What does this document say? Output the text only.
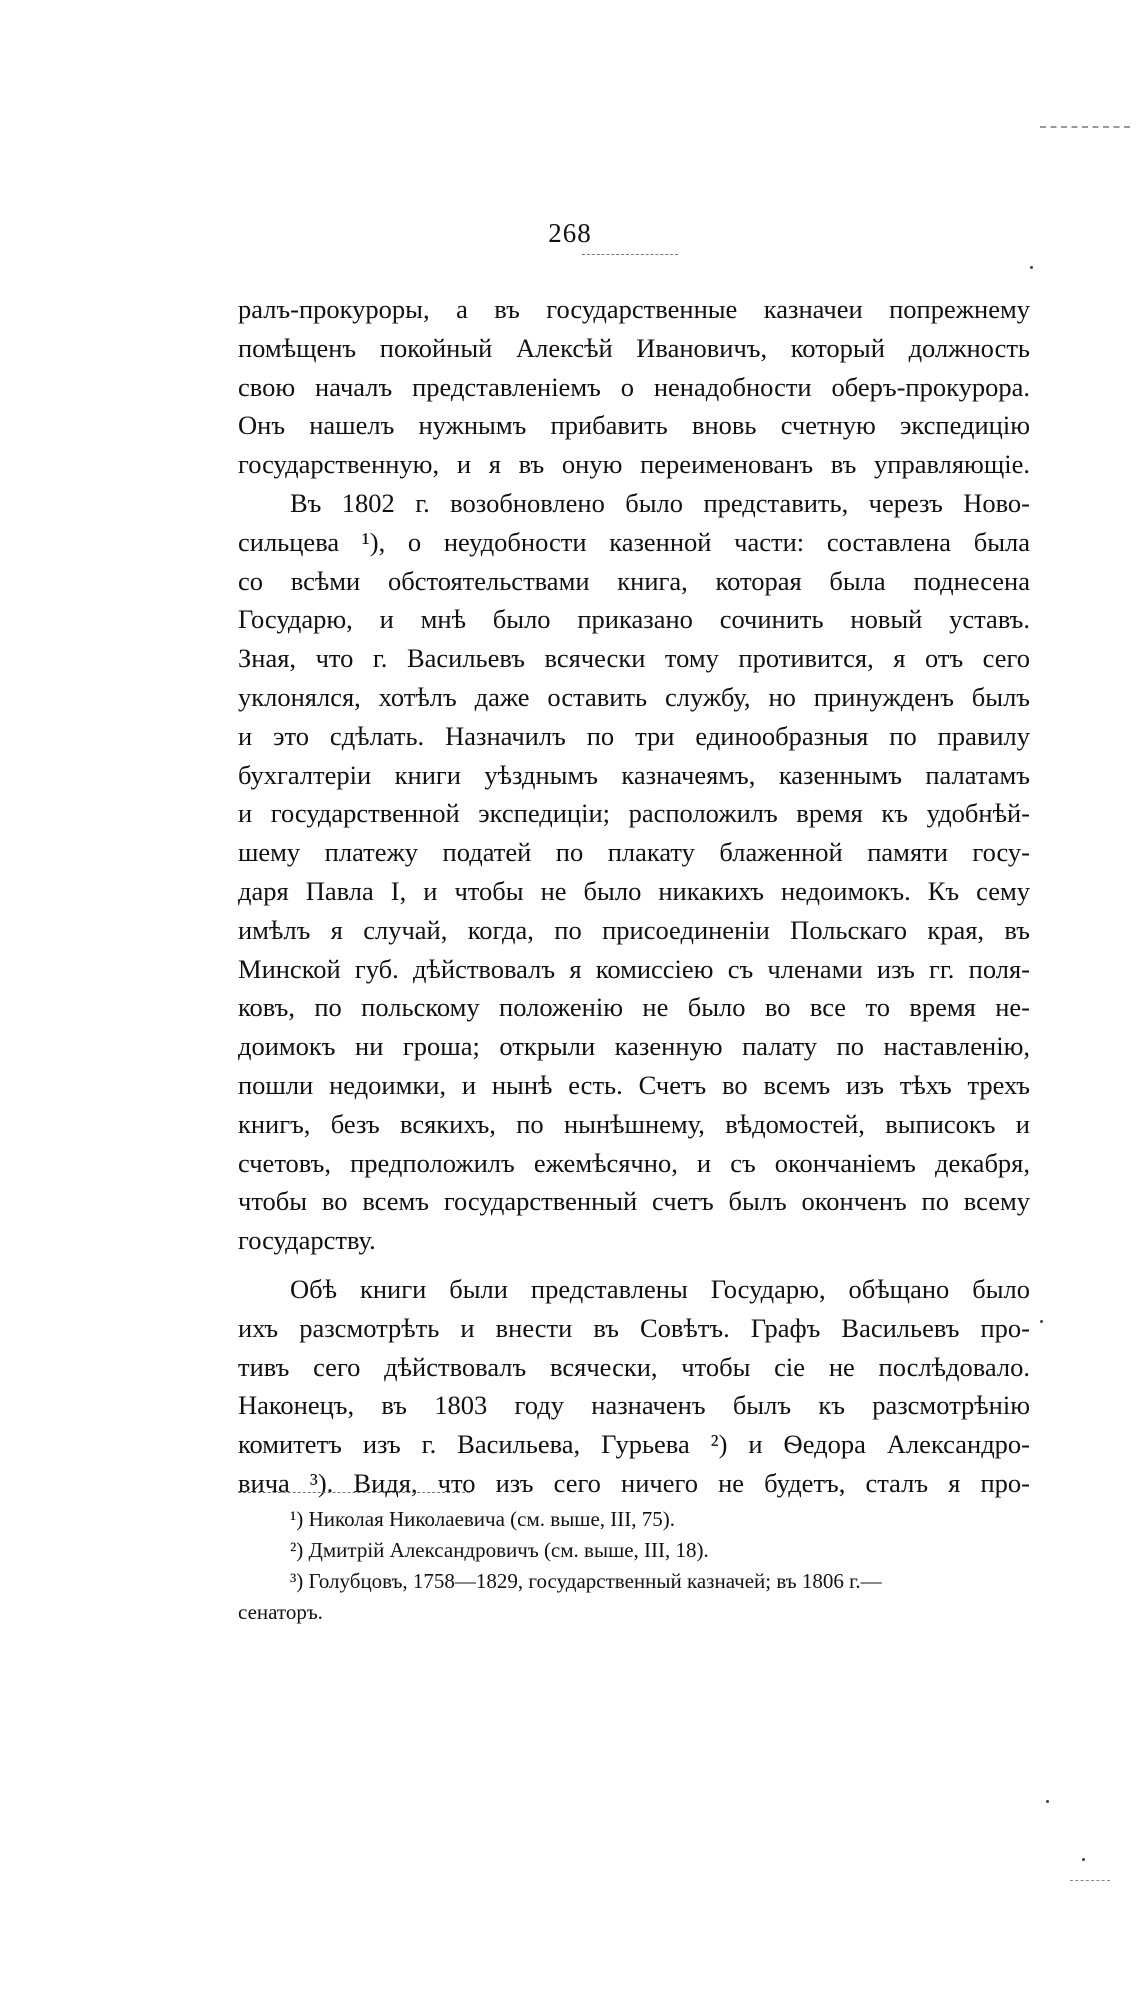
268

ралъ-прокуроры, а въ государственные казначеи попрежнему
помѣщенъ покойный Алексѣй Ивановичъ, который должность
свою началъ представленіемъ о ненадобности оберъ-прокурора.
Онъ нашелъ нужнымъ прибавить вновь счетную экспедицію
государственную, и я въ оную переименованъ въ управляющіе.

Въ 1802 г. возобновлено было представить, черезъ Ново-
сильцева ¹), о неудобности казенной части: составлена была
со всѣми обстоятельствами книга, которая была поднесена
Государю, и мнѣ было приказано сочинить новый уставъ.
Зная, что г. Васильевъ всячески тому противится, я отъ сего
уклонялся, хотѣлъ даже оставить службу, но принужденъ былъ
и это сдѣлать. Назначилъ по три единообразныя по правилу
бухгалтеріи книги уѣзднымъ казначеямъ, казеннымъ палатамъ
и государственной экспедиціи; расположилъ время къ удобнѣй-
шему платежу податей по плакату блаженной памяти госу-
даря Павла I, и чтобы не было никакихъ недоимокъ. Къ сему
имѣлъ я случай, когда, по присоединеніи Польскаго края, въ
Минской губ. дѣйствовалъ я комиссіею съ членами изъ гг. поля-
ковъ, по польскому положенію не было во все то время не-
доимокъ ни гроша; открыли казенную палату по наставленію,
пошли недоимки, и нынѣ есть. Счетъ во всемъ изъ тѣхъ трехъ
книгъ, безъ всякихъ, по нынѣшнему, вѣдомостей, выписокъ и
счетовъ, предположилъ ежемѣсячно, и съ окончаніемъ декабря,
чтобы во всемъ государственный счетъ былъ оконченъ по всему
государству.

Обѣ книги были представлены Государю, обѣщано было
ихъ разсмотрѣть и внести въ Совѣтъ. Графъ Васильевъ про-
тивъ сего дѣйствовалъ всячески, чтобы сіе не послѣдовало.
Наконецъ, въ 1803 году назначенъ былъ къ разсмотрѣнію
комитетъ изъ г. Васильева, Гурьева ²) и Ѳедора Александро-
вича ³). Видя, что изъ сего ничего не будетъ, сталъ я про-

¹) Николая Николаевича (см. выше, III, 75).
²) Дмитрій Александровичъ (см. выше, III, 18).
³) Голубцовъ, 1758—1829, государственный казначей; въ 1806 г.—
сенаторъ.
